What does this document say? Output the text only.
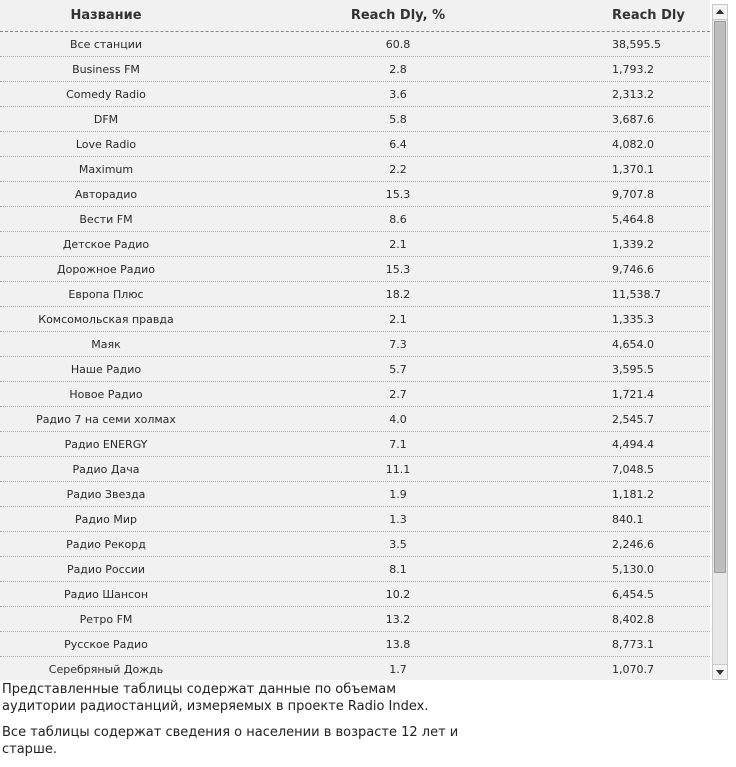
Название	Reach Dly, %	Reach Dly
Все станции	60.8	38,595.5
Business FM	2.8	1,793.2
Comedy Radio	3.6	2,313.2
DFM	5.8	3,687.6
Love Radio	6.4	4,082.0
Maximum	2.2	1,370.1
Авторадио	15.3	9,707.8
Вести FM	8.6	5,464.8
Детское Радио	2.1	1,339.2
Дорожное Радио	15.3	9,746.6
Европа Плюс	18.2	11,538.7
Комсомольская правда	2.1	1,335.3
Маяк	7.3	4,654.0
Наше Радио	5.7	3,595.5
Новое Радио	2.7	1,721.4
Радио 7 на семи холмах	4.0	2,545.7
Радио ENERGY	7.1	4,494.4
Радио Дача	11.1	7,048.5
Радио Звезда	1.9	1,181.2
Радио Мир	1.3	840.1
Радио Рекорд	3.5	2,246.6
Радио России	8.1	5,130.0
Радио Шансон	10.2	6,454.5
Ретро FM	13.2	8,402.8
Русское Радио	13.8	8,773.1
Серебряный Дождь	1.7	1,070.7

Представленные таблицы содержат данные по объемам аудитории радиостанций, измеряемых в проекте Radio Index.

Все таблицы содержат сведения о населении в возрасте 12 лет и старше.
